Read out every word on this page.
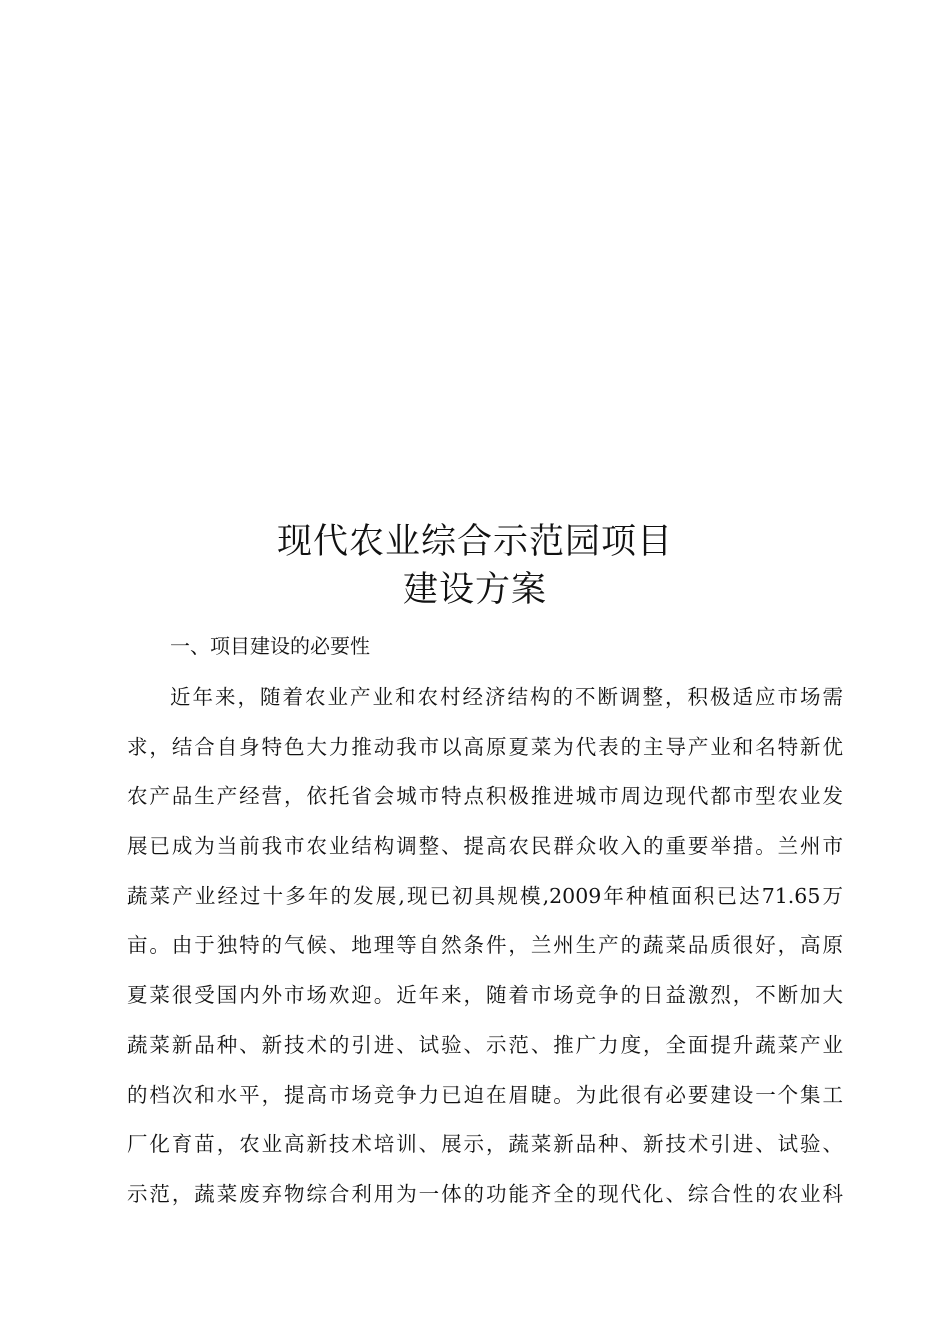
现代农业综合示范园项目
建设方案
一、项目建设的必要性
近年来，随着农业产业和农村经济结构的不断调整，积极适应市场需
求，结合自身特色大力推动我市以高原夏菜为代表的主导产业和名特新优
农产品生产经营，依托省会城市特点积极推进城市周边现代都市型农业发
展已成为当前我市农业结构调整、提高农民群众收入的重要举措。兰州市
蔬菜产业经过十多年的发展,现已初具规模,2009年种植面积已达71.65万
亩。由于独特的气候、地理等自然条件，兰州生产的蔬菜品质很好，高原
夏菜很受国内外市场欢迎。近年来，随着市场竞争的日益激烈，不断加大
蔬菜新品种、新技术的引进、试验、示范、推广力度，全面提升蔬菜产业
的档次和水平，提高市场竞争力已迫在眉睫。为此很有必要建设一个集工
厂化育苗，农业高新技术培训、展示，蔬菜新品种、新技术引进、试验、
示范，蔬菜废弃物综合利用为一体的功能齐全的现代化、综合性的农业科
